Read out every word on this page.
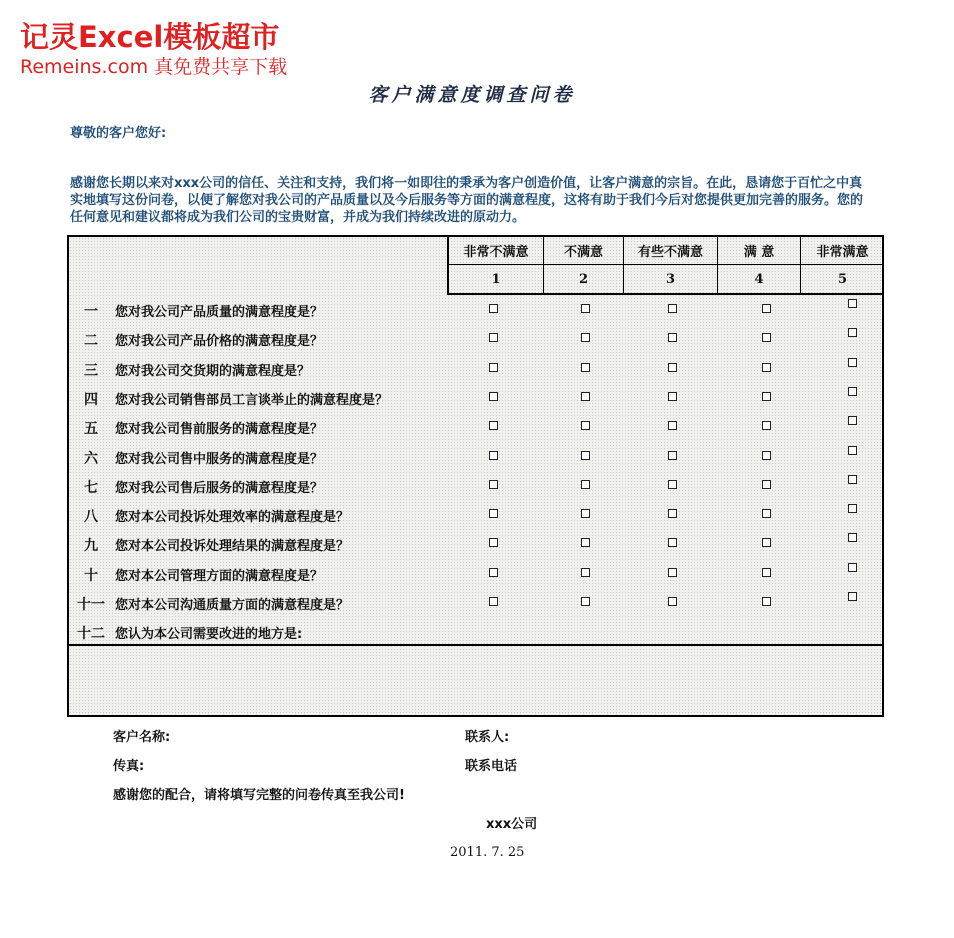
记灵Excel模板超市
Remeins.com 真免费共享下载
客户满意度调查问卷
尊敬的客户您好:
感谢您长期以来对xxx公司的信任、关注和支持，我们将一如即往的秉承为客户创造价值，让客户满意的宗旨。在此，恳请您于百忙之中真实地填写这份问卷，以便了解您对我公司的产品质量以及今后服务等方面的满意程度，这将有助于我们今后对您提供更加完善的服务。您的任何意见和建议都将成为我们公司的宝贵财富，并成为我们持续改进的原动力。
非常不满意	不满意	有些不满意	满 意	非常满意
1	2	3	4	5
一	您对我公司产品质量的满意程度是？
二	您对我公司产品价格的满意程度是？
三	您对我公司交货期的满意程度是？
四	您对我公司销售部员工言谈举止的满意程度是？
五	您对我公司售前服务的满意程度是？
六	您对我公司售中服务的满意程度是？
七	您对我公司售后服务的满意程度是？
八	您对本公司投诉处理效率的满意程度是？
九	您对本公司投诉处理结果的满意程度是？
十	您对本公司管理方面的满意程度是？
十一 您对本公司沟通质量方面的满意程度是？
十二 您认为本公司需要改进的地方是:
客户名称:	联系人:
传真:	联系电话
感谢您的配合，请将填写完整的问卷传真至我公司!
xxx公司
2011. 7. 25
